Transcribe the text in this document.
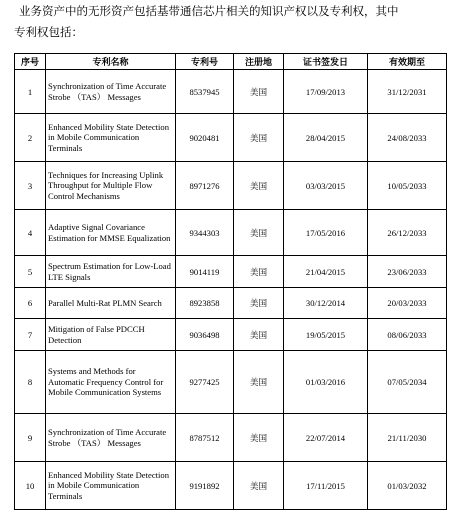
业务资产中的无形资产包括基带通信芯片相关的知识产权以及专利权，其中
专利权包括：
序号	专利名称	专利号	注册地	证书签发日	有效期至
1	Synchronization of Time Accurate Strobe （TAS） Messages	8537945	美国	17/09/2013	31/12/2031
2	Enhanced Mobility State Detection in Mobile Communication Terminals	9020481	美国	28/04/2015	24/08/2033
3	Techniques for Increasing Uplink Throughput for Multiple Flow Control Mechanisms	8971276	美国	03/03/2015	10/05/2033
4	Adaptive Signal Covariance Estimation for MMSE Equalization	9344303	美国	17/05/2016	26/12/2033
5	Spectrum Estimation for Low-Load LTE Signals	9014119	美国	21/04/2015	23/06/2033
6	Parallel Multi-Rat PLMN Search	8923858	美国	30/12/2014	20/03/2033
7	Mitigation of False PDCCH Detection	9036498	美国	19/05/2015	08/06/2033
8	Systems and Methods for Automatic Frequency Control for Mobile Communication Systems	9277425	美国	01/03/2016	07/05/2034
9	Synchronization of Time Accurate Strobe （TAS） Messages	8787512	美国	22/07/2014	21/11/2030
10	Enhanced Mobility State Detection in Mobile Communication Terminals	9191892	美国	17/11/2015	01/03/2032
